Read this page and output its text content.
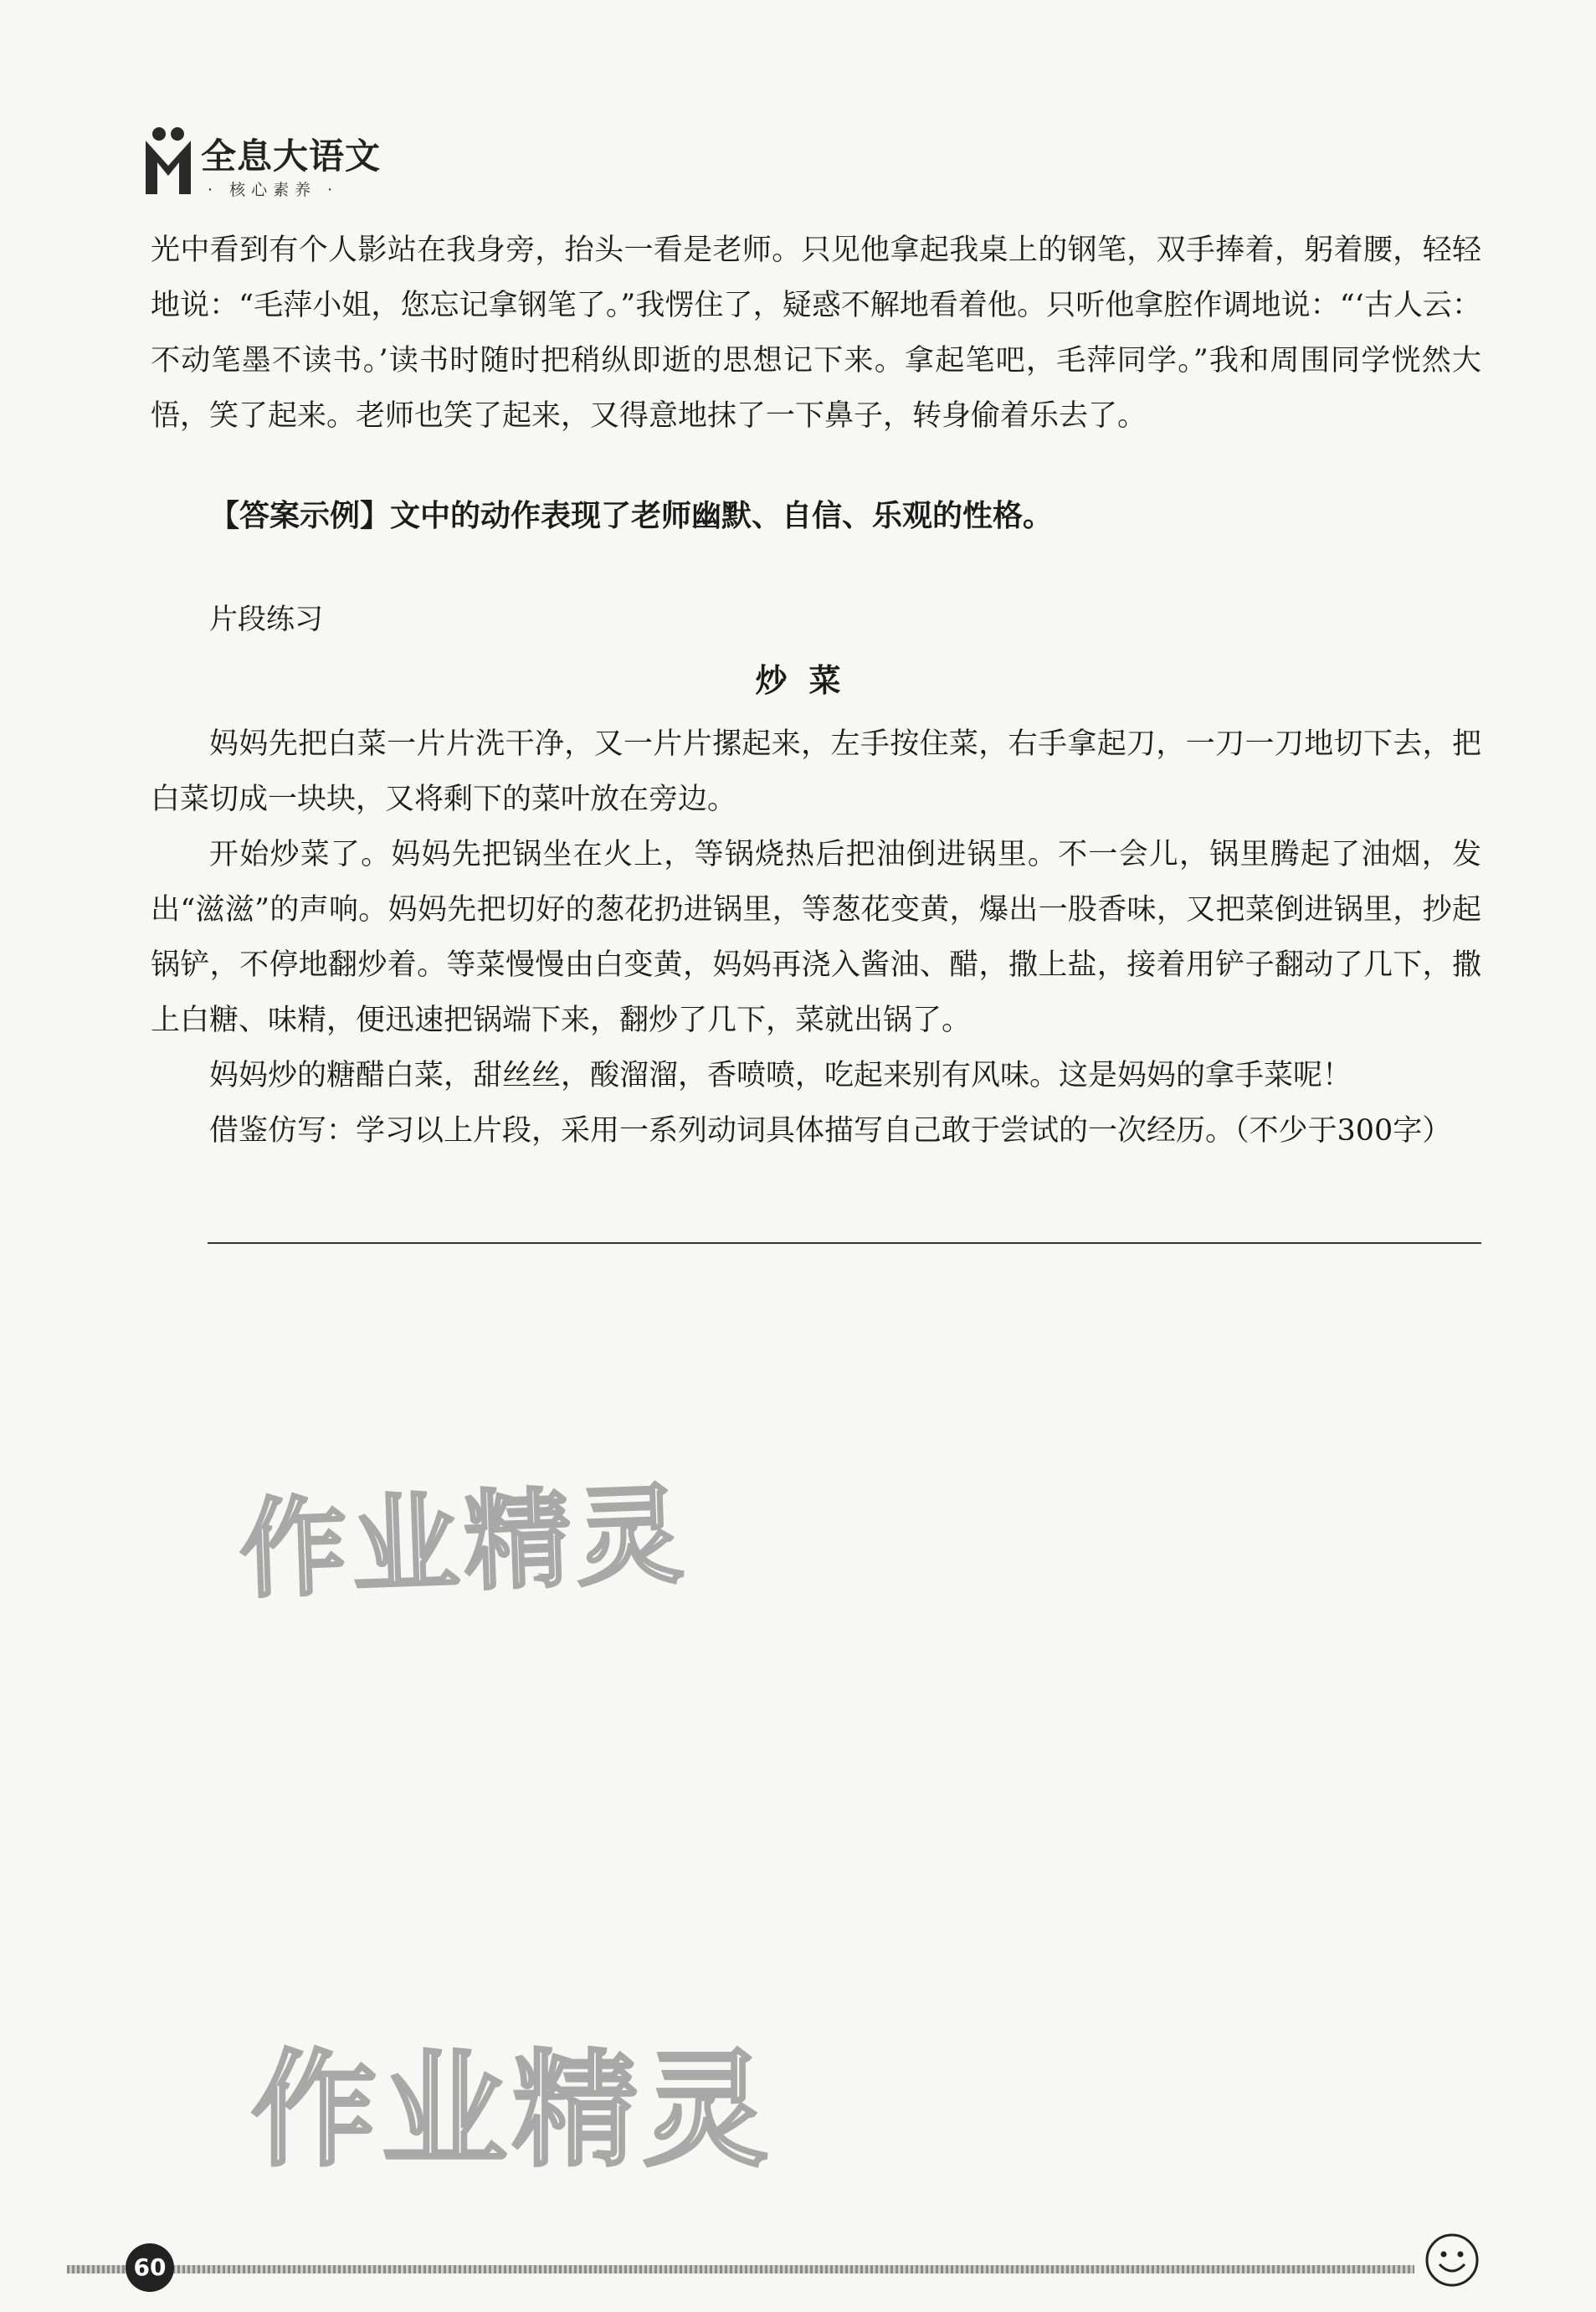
全息大语文
· 核心素养 ·

光中看到有个人影站在我身旁，抬头一看是老师。只见他拿起我桌上的钢笔，双手捧着，躬着腰，轻轻地说：“毛萍小姐，您忘记拿钢笔了。”我愣住了，疑惑不解地看着他。只听他拿腔作调地说：“‘古人云：不动笔墨不读书。’读书时随时把稍纵即逝的思想记下来。拿起笔吧，毛萍同学。”我和周围同学恍然大悟，笑了起来。老师也笑了起来，又得意地抹了一下鼻子，转身偷着乐去了。

【答案示例】文中的动作表现了老师幽默、自信、乐观的性格。
片段练习
炒菜

妈妈先把白菜一片片洗干净，又一片片摞起来，左手按住菜，右手拿起刀，一刀一刀地切下去，把白菜切成一块块，又将剩下的菜叶放在旁边。

开始炒菜了。妈妈先把锅坐在火上，等锅烧热后把油倒进锅里。不一会儿，锅里腾起了油烟，发出“滋滋”的声响。妈妈先把切好的葱花扔进锅里，等葱花变黄，爆出一股香味，又把菜倒进锅里，抄起锅铲，不停地翻炒着。等菜慢慢由白变黄，妈妈再浇入酱油、醋，撒上盐，接着用铲子翻动了几下，撒上白糖、味精，便迅速把锅端下来，翻炒了几下，菜就出锅了。

妈妈炒的糖醋白菜，甜丝丝，酸溜溜，香喷喷，吃起来别有风味。这是妈妈的拿手菜呢！

借鉴仿写：学习以上片段，采用一系列动词具体描写自己敢于尝试的一次经历。（不少于300字）

作业精灵
作业精灵
60
